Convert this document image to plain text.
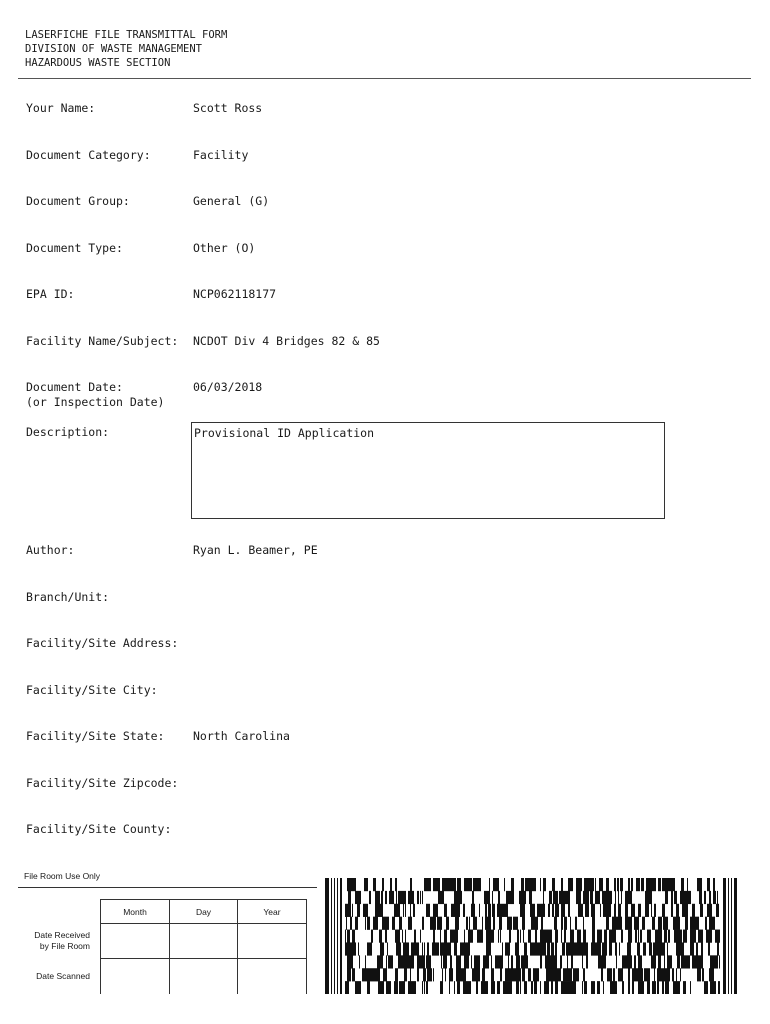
LASERFICHE FILE TRANSMITTAL FORM
DIVISION OF WASTE MANAGEMENT
HAZARDOUS WASTE SECTION
Your Name:	Scott Ross
Document Category:	Facility
Document Group:	General (G)
Document Type:	Other (O)
EPA ID:	NCP062118177
Facility Name/Subject: NCDOT Div 4 Bridges 82 & 85
Document Date:
(or Inspection Date)
06/03/2018
Description:	Provisional ID Application
Author:	Ryan L. Beamer, PE
Branch/Unit:
Facility/Site Address:
Facility/Site City:
Facility/Site State: North Carolina
Facility/Site Zipcode:
Facility/Site County:
File Room Use Only
	Month	Day	Year

Date Received
by File Room			

Date Scanned			
